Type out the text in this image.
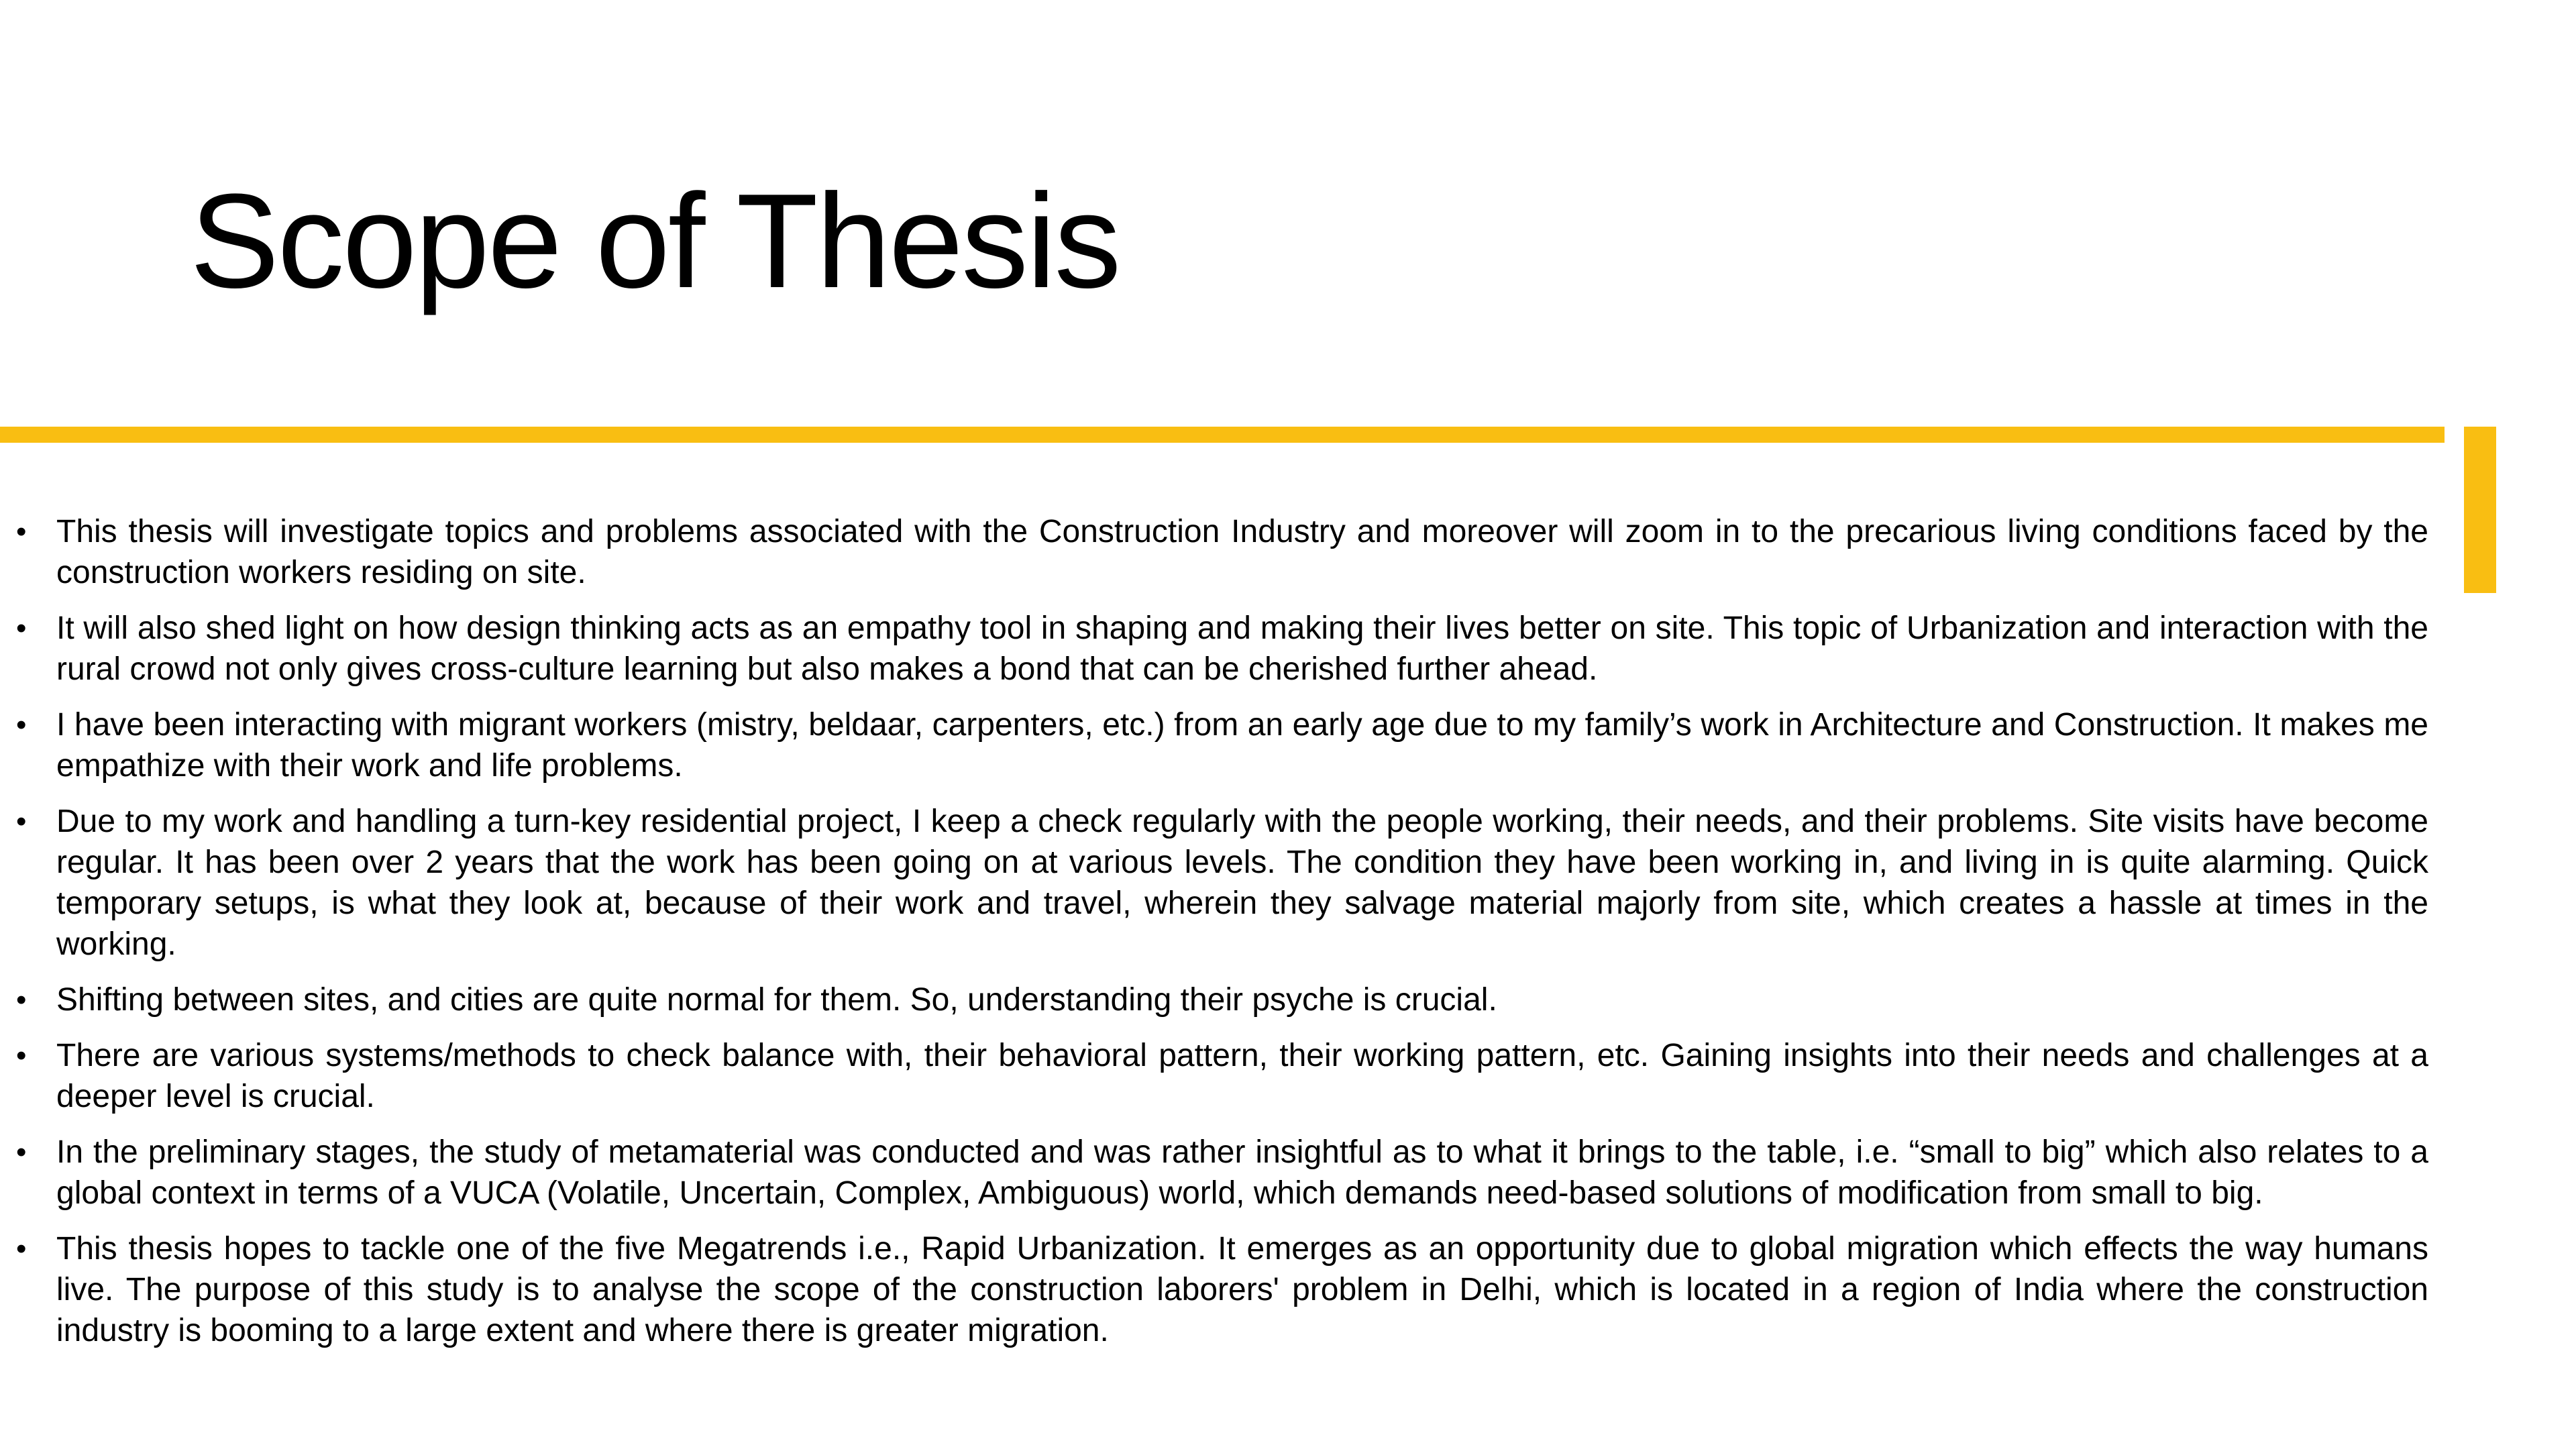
Scope of Thesis
• This thesis will investigate topics and problems associated with the Construction Industry and moreover will zoom in to the precarious living conditions faced by the construction workers residing on site.
• It will also shed light on how design thinking acts as an empathy tool in shaping and making their lives better on site. This topic of Urbanization and interaction with the rural crowd not only gives cross-culture learning but also makes a bond that can be cherished further ahead.
• I have been interacting with migrant workers (mistry, beldaar, carpenters, etc.) from an early age due to my family’s work in Architecture and Construction. It makes me empathize with their work and life problems.
• Due to my work and handling a turn-key residential project, I keep a check regularly with the people working, their needs, and their problems. Site visits have become regular. It has been over 2 years that the work has been going on at various levels. The condition they have been working in, and living in is quite alarming. Quick temporary setups, is what they look at, because of their work and travel, wherein they salvage material majorly from site, which creates a hassle at times in the working.
• Shifting between sites, and cities are quite normal for them. So, understanding their psyche is crucial.
• There are various systems/methods to check balance with, their behavioral pattern, their working pattern, etc. Gaining insights into their needs and challenges at a deeper level is crucial.
• In the preliminary stages, the study of metamaterial was conducted and was rather insightful as to what it brings to the table, i.e. “small to big” which also relates to a global context in terms of a VUCA (Volatile, Uncertain, Complex, Ambiguous) world, which demands need-based solutions of modification from small to big.
• This thesis hopes to tackle one of the five Megatrends i.e., Rapid Urbanization. It emerges as an opportunity due to global migration which effects the way humans live. The purpose of this study is to analyse the scope of the construction laborers' problem in Delhi, which is located in a region of India where the construction industry is booming to a large extent and where there is greater migration.
